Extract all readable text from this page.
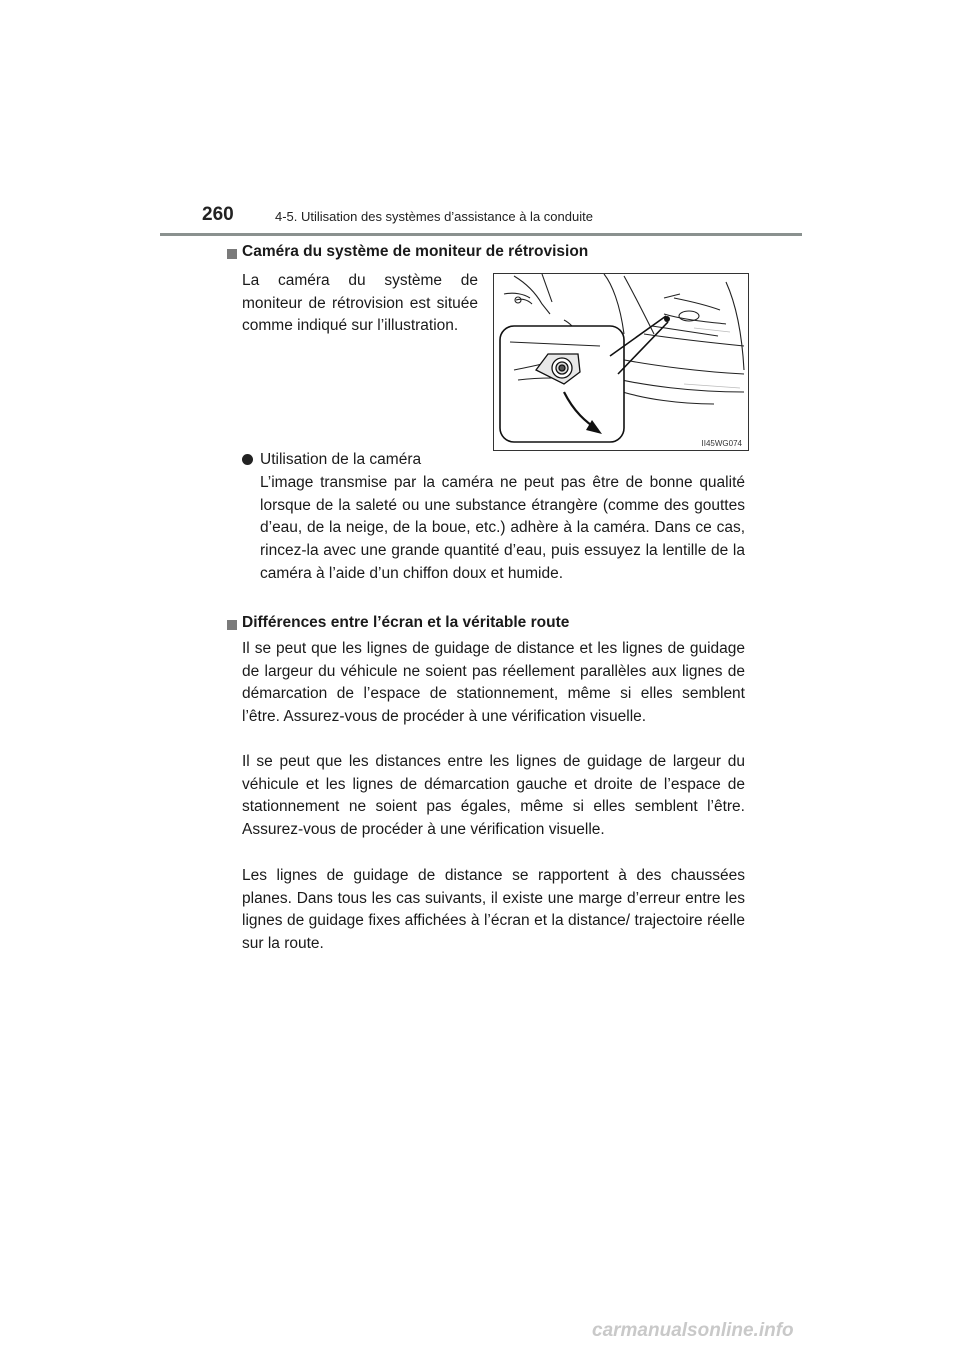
260	4-5. Utilisation des systèmes d’assistance à la conduite
Caméra du système de moniteur de rétrovision
La caméra du système de moniteur de rétrovision est située comme indiqué sur l’illustration.
II45WG074
Utilisation de la caméra
L’image transmise par la caméra ne peut pas être de bonne qualité lorsque de la saleté ou une substance étrangère (comme des gouttes d’eau, de la neige, de la boue, etc.) adhère à la caméra. Dans ce cas, rincez-la avec une grande quantité d’eau, puis essuyez la lentille de la caméra à l’aide d’un chiffon doux et humide.
Différences entre l’écran et la véritable route
Il se peut que les lignes de guidage de distance et les lignes de guidage de largeur du véhicule ne soient pas réellement parallèles aux lignes de démarcation de l’espace de stationnement, même si elles semblent l’être. Assurez-vous de procéder à une vérification visuelle.
Il se peut que les distances entre les lignes de guidage de largeur du véhicule et les lignes de démarcation gauche et droite de l’espace de stationnement ne soient pas égales, même si elles semblent l’être. Assurez-vous de procéder à une vérification visuelle.
Les lignes de guidage de distance se rapportent à des chaussées planes. Dans tous les cas suivants, il existe une marge d’erreur entre les lignes de guidage fixes affichées à l’écran et la distance/ trajectoire réelle sur la route.
carmanualsonline.info
